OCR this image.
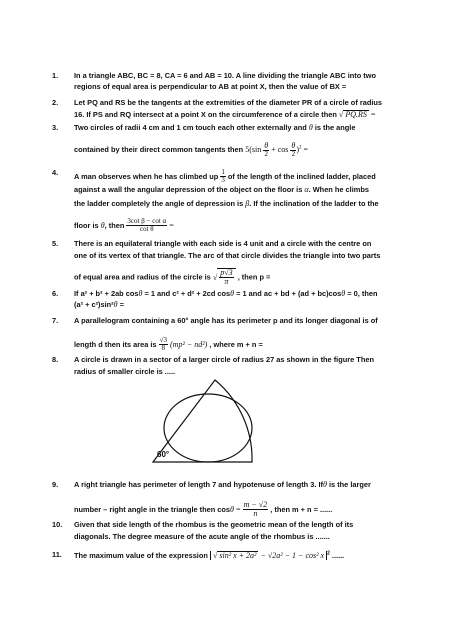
1. In a triangle ABC, BC = 8, CA = 6 and AB = 10. A line dividing the triangle ABC into two
regions of equal area is perpendicular to AB at point X, then the value of BX =
2. Let PQ and RS be the tangents at the extremities of the diameter PR of a circle of radius
16. If PS and RQ intersect at a point X on the circumference of a circle then √ PQ.RS =
3. Two circles of radii 4 cm and 1 cm touch each other externally and θ is the angle
contained by their direct common tangents then $5(\sin \frac{\theta}{2} + \cos \frac{\theta}{2} )^2$ =
4. A man observes when he has climbed up $\frac{1}{3}$ of the length of the inclined ladder, placed
against a wall the angular depression of the object on the floor is α. When he climbs
the ladder completely the angle of depression is β. If the inclination of the ladder to the
floor is θ, then $\frac{\text{3cot β − cot α}}{\text{cot θ}}$ =
5. There is an equilateral triangle with each side is 4 unit and a circle with the centre on
one of its vertex of that triangle. The arc of that circle divides the triangle into two parts
of equal area and radius of the circle is √ $\frac{p√3}{\pi}$ , then p =
6. If a² + b² + 2ab cosθ = 1 and c² + d² + 2cd cosθ = 1 and ac + bd + (ad + bc)cosθ = 0, then
(a² + c²)sin²θ =
7. A parallelogram containing a 60° angle has its perimeter p and its longer diagonal is of
length d then its area is $\frac{√3}{8} (mp^2 - nd^2)$ , where m + n =
8. A circle is drawn in a sector of a larger circle of radius 27 as shown in the figure Then
radius of smaller circle is .....
60°
9. A right triangle has perimeter of length 7 and hypotenuse of length 3. Ifθ is the larger
number – right angle in the triangle then $\cos\theta = \frac{m - √2}{n}$ , then m + n = ......
10. Given that side length of the rhombus is the geometric mean of the length of its
diagonals. The degree measure of the acute angle of the rhombus is .......
11. The maximum value of the expression √ sin² x + 2a² − √2a² − 1 − cos² x $^2$ ......
